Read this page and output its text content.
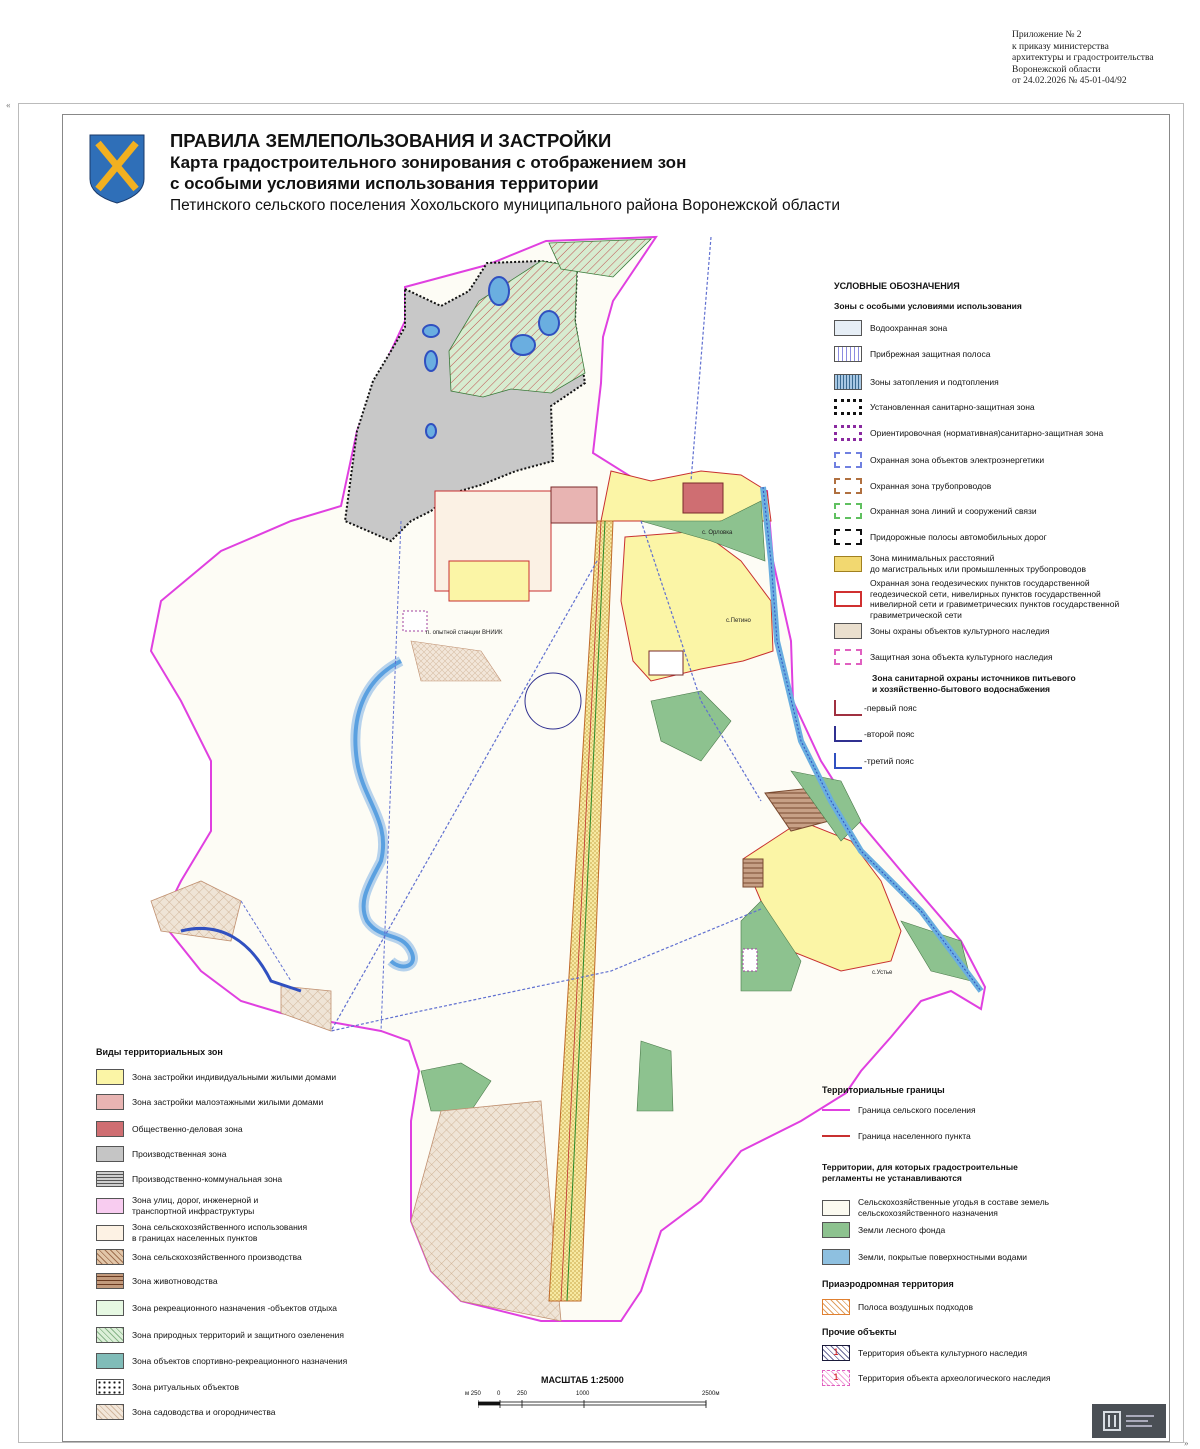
«
»
Приложение № 2
к приказу министерства
архитектуры и градостроительства
Воронежской области
от 24.02.2026 № 45-01-04/92
ПРАВИЛА ЗЕМЛЕПОЛЬЗОВАНИЯ И ЗАСТРОЙКИ
Карта градостроительного зонирования с отображением зон
с особыми условиями использования территории
Петинского сельского поселения Хохольского муниципального района Воронежской области
с. Орловка
с.Петино
п. опытной станции ВНИИК
с.Устье
УСЛОВНЫЕ ОБОЗНАЧЕНИЯ
Зоны с особыми условиями использования
Водоохранная зона
Прибрежная защитная полоса
Зоны затопления и подтопления
Установленная санитарно-защитная зона
Ориентировочная (нормативная)санитарно-защитная зона
Охранная зона объектов электроэнергетики
Охранная зона трубопроводов
Охранная зона линий и сооружений связи
Придорожные полосы автомобильных дорог
Зона минимальных расстояний
до магистральных или промышленных трубопроводов
Охранная зона геодезических пунктов государственной
геодезической сети, нивелирных пунктов государственной
нивелирной сети и гравиметрических пунктов государственной
гравиметрической сети
Зоны охраны объектов культурного наследия
Защитная зона объекта культурного наследия
Зона санитарной охраны источников питьевого
и хозяйственно-бытового водоснабжения
-первый пояс
-второй пояс
-третий пояс
Виды территориальных зон
Зона застройки индивидуальными жилыми домами
Зона застройки малоэтажными жилыми домами
Общественно-деловая зона
Производственная зона
Производственно-коммунальная зона
Зона улиц, дорог, инженерной и
транспортной инфраструктуры
Зона сельскохозяйственного использования
в границах населенных пунктов
Зона сельскохозяйственного производства
Зона животноводства
Зона рекреационного назначения -объектов отдыха
Зона природных территорий и защитного озеленения
Зона объектов спортивно-рекреационного назначения
Зона ритуальных объектов
Зона садоводства и огородничества
Территориальные границы
Граница сельского поселения
Граница населенного пункта
Территории, для которых градостроительные
регламенты не устанавливаются
Сельскохозяйственные угодья в составе земель
сельскохозяйственного назначения
Земли лесного фонда
Земли, покрытые поверхностными водами
Приаэродромная территория
Полоса воздушных подходов
Прочие объекты
1	Территория объекта культурного наследия
1	Территория объекта археологического наследия
МАСШТАБ 1:25000
м 250	0	250	1000	2500м
